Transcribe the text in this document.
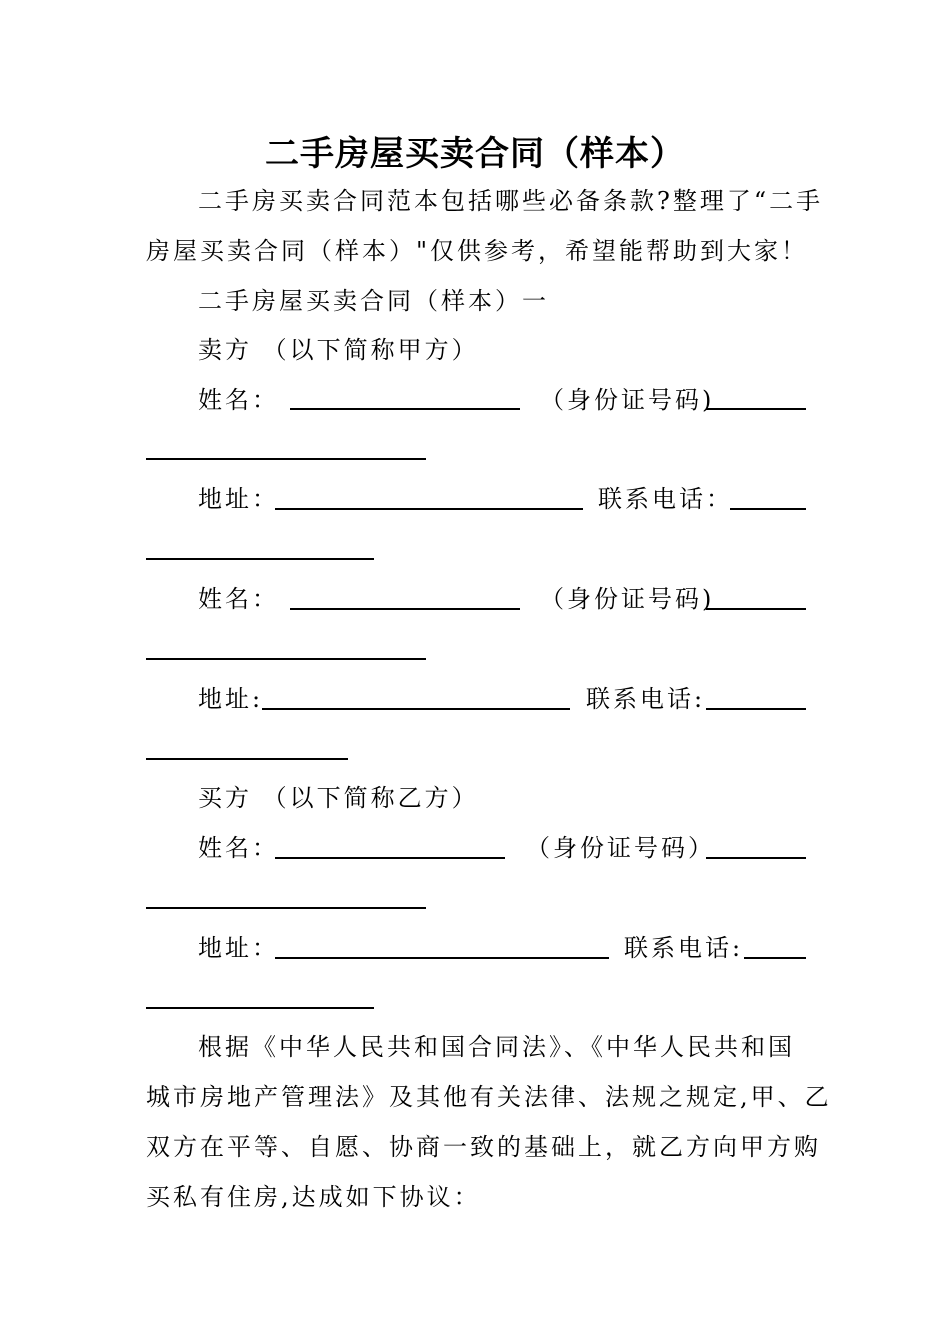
二手房屋买卖合同（样本）
二手房买卖合同范本包括哪些必备条款?整理了“二手
房屋买卖合同（样本）"仅供参考，希望能帮助到大家！
二手房屋买卖合同（样本）一
卖方 （以下简称甲方）
姓名：	（身份证号码)
地址：	联系电话：
姓名：	（身份证号码)
地址:	联系电话:
买方 （以下简称乙方）
姓名：	（身份证号码）
地址：	联系电话:
根据《中华人民共和国合同法》、《中华人民共和国
城市房地产管理法》及其他有关法律、法规之规定,甲、乙
双方在平等、自愿、协商一致的基础上，就乙方向甲方购
买私有住房,达成如下协议：
